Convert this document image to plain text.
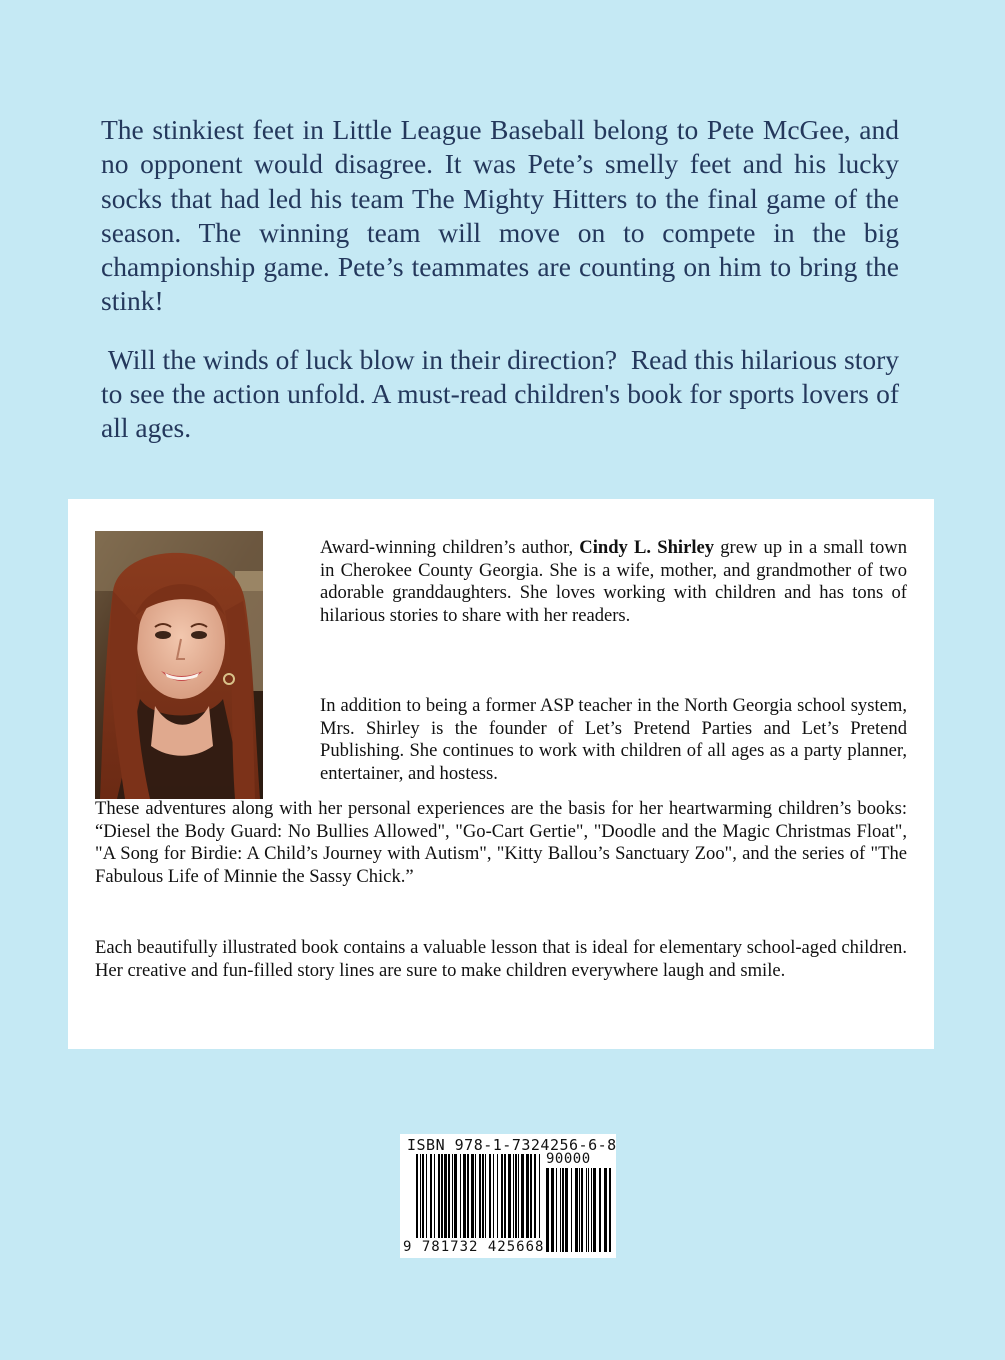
The stinkiest feet in Little League Baseball belong to Pete McGee, and no opponent would disagree. It was Pete’s smelly feet and his lucky socks that had led his team The Mighty Hitters to the final game of the season. The winning team will move on to compete in the big championship game. Pete’s teammates are counting on him to bring the stink!

Will the winds of luck blow in their direction?  Read this hilarious story to see the action unfold. A must-read children's book for sports lovers of all ages.

Award-winning children’s author, Cindy L. Shirley grew up in a small town in Cherokee County Georgia. She is a wife, mother, and grandmother of two adorable granddaughters. She loves working with children and has tons of hilarious stories to share with her readers.

In addition to being a former ASP teacher in the North Georgia school system, Mrs. Shirley is the founder of Let’s Pretend Parties and Let’s Pretend Publishing. She continues to work with children of all ages as a party planner, entertainer, and hostess.

These adventures along with her personal experiences are the basis for her heartwarming children’s books: “Diesel the Body Guard: No Bullies Allowed", "Go-Cart Gertie", "Doodle and the Magic Christmas Float", "A Song for Birdie: A Child’s Journey with Autism", "Kitty Ballou’s Sanctuary Zoo", and the series of "The Fabulous Life of Minnie the Sassy Chick.”

Each beautifully illustrated book contains a valuable lesson that is ideal for elementary school-aged children. Her creative and fun-filled story lines are sure to make children everywhere laugh and smile.

ISBN 978-1-7324256-6-8
90000
9 781732 425668
